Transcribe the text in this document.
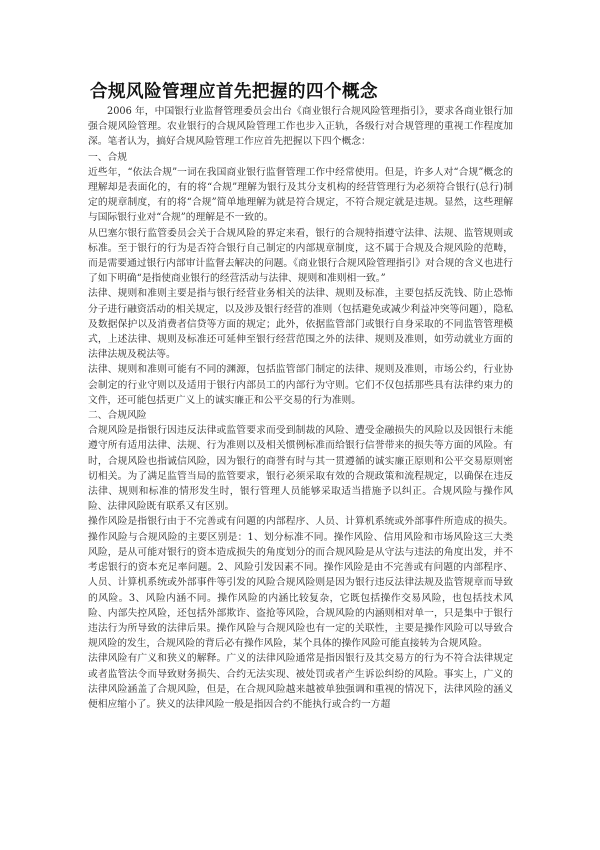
合规风险管理应首先把握的四个概念

2006 年，中国银行业监督管理委员会出台《商业银行合规风险管理指引》，要求各商业银行加强合规风险管理。农业银行的合规风险管理工作也步入正轨，各级行对合规管理的重视工作程度加深。笔者认为，搞好合规风险管理工作应首先把握以下四个概念：

一、合规

近些年，“依法合规”一词在我国商业银行监督管理工作中经常使用。但是，许多人对“合规”概念的理解却是表面化的，有的将“合规”理解为银行及其分支机构的经营管理行为必须符合银行(总行)制定的规章制度，有的将“合规”简单地理解为就是符合规定，不符合规定就是违规。显然，这些理解与国际银行业对“合规”的理解是不一致的。

从巴塞尔银行监管委员会关于合规风险的界定来看，银行的合规特指遵守法律、法规、监管规则或标准。至于银行的行为是否符合银行自己制定的内部规章制度，这不属于合规及合规风险的范畴，而是需要通过银行内部审计监督去解决的问题。《商业银行合规风险管理指引》对合规的含义也进行了如下明确“是指使商业银行的经营活动与法律、规则和准则相一致。”

法律、规则和准则主要是指与银行经营业务相关的法律、规则及标准，主要包括反洗钱、防止恐怖分子进行融资活动的相关规定，以及涉及银行经营的准则（包括避免或减少利益冲突等问题），隐私及数据保护以及消费者信贷等方面的规定；此外，依据监管部门或银行自身采取的不同监管管理模式，上述法律、规则及标准还可延伸至银行经营范围之外的法律、规则及准则，如劳动就业方面的法律法规及税法等。

法律、规则和准则可能有不同的渊源，包括监管部门制定的法律、规则及准则，市场公约，行业协会制定的行业守则以及适用于银行内部员工的内部行为守则。它们不仅包括那些具有法律约束力的文件，还可能包括更广义上的诚实廉正和公平交易的行为准则。

二、合规风险

合规风险是指银行因违反法律或监管要求而受到制裁的风险、遭受金融损失的风险以及因银行未能遵守所有适用法律、法规、行为准则以及相关惯例标准而给银行信誉带来的损失等方面的风险。有时，合规风险也指诚信风险，因为银行的商誉有时与其一贯遵循的诚实廉正原则和公平交易原则密切相关。为了满足监管当局的监管要求，银行必须采取有效的合规政策和流程规定，以确保在违反法律、规则和标准的情形发生时，银行管理人员能够采取适当措施予以纠正。合规风险与操作风险、法律风险既有联系又有区别。

操作风险是指银行由于不完善或有问题的内部程序、人员、计算机系统或外部事件所造成的损失。操作风险与合规风险的主要区别是：1、划分标准不同。操作风险、信用风险和市场风险这三大类风险，是从可能对银行的资本造成损失的角度划分的而合规风险是从守法与违法的角度出发，并不考虑银行的资本充足率问题。2、风险引发因素不同。操作风险是由不完善或有问题的内部程序、人员、计算机系统或外部事件等引发的风险合规风险则是因为银行违反法律法规及监管规章而导致的风险。3、风险内涵不同。操作风险的内涵比较复杂，它既包括操作交易风险，也包括技术风险、内部失控风险，还包括外部欺诈、盗抢等风险，合规风险的内涵则相对单一，只是集中于银行违法行为所导致的法律后果。操作风险与合规风险也有一定的关联性，主要是操作风险可以导致合规风险的发生，合规风险的背后必有操作风险，某个具体的操作风险可能直接转为合规风险。

法律风险有广义和狭义的解释。广义的法律风险通常是指因银行及其交易方的行为不符合法律规定或者监管法令而导致财务损失、合约无法实现、被处罚或者产生诉讼纠纷的风险。事实上，广义的法律风险涵盖了合规风险，但是，在合规风险越来越被单独强调和重视的情况下，法律风险的涵义便相应缩小了。狭义的法律风险一般是指因合约不能执行或合约一方超
